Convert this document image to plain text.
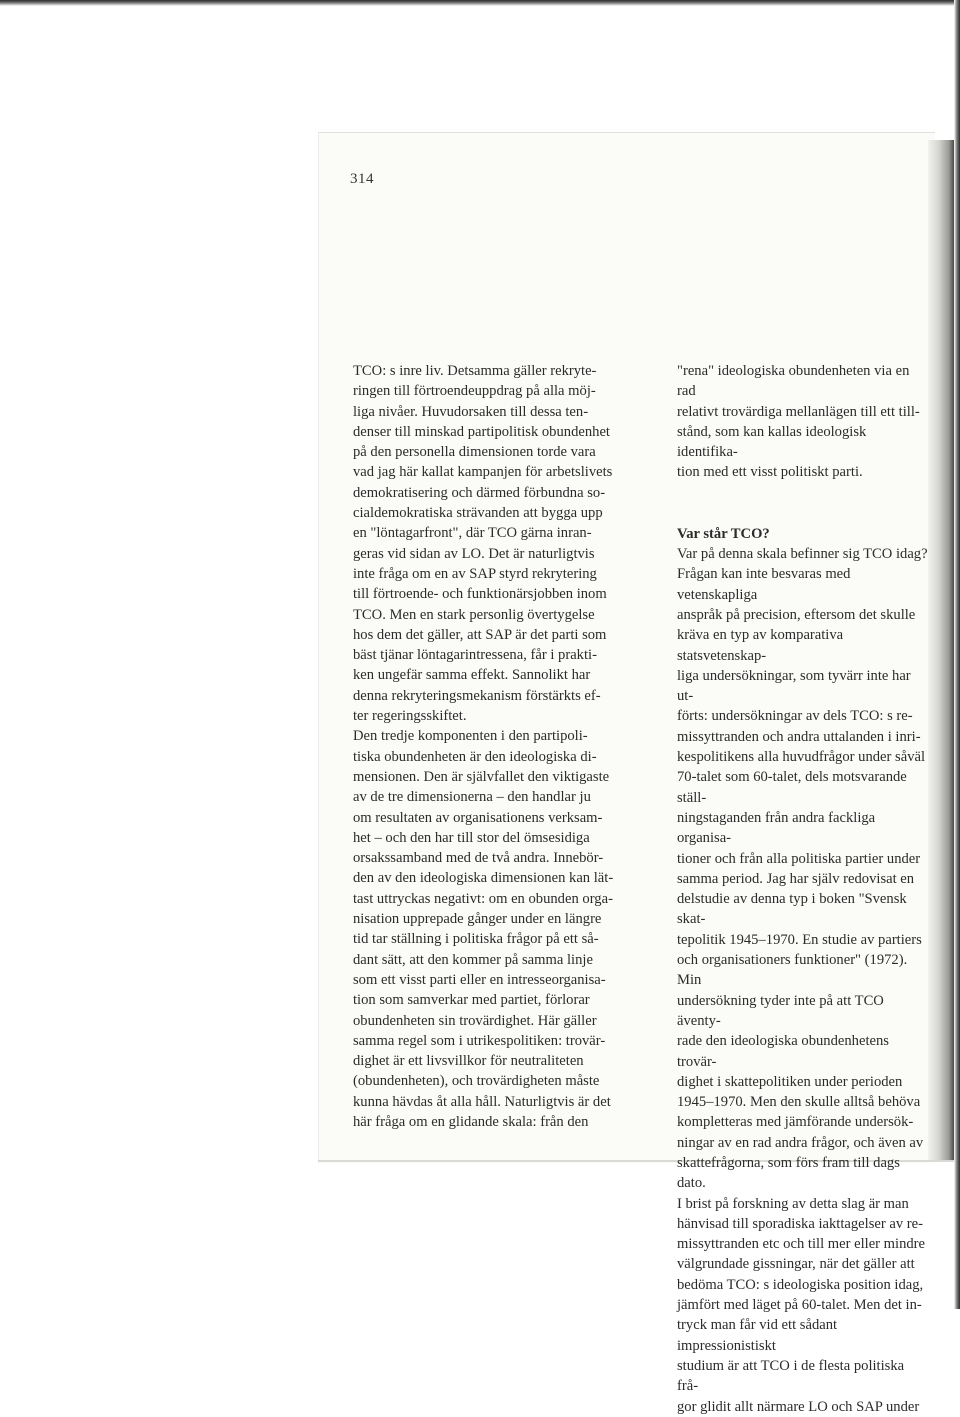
314

TCO: s inre liv. Detsamma gäller rekryte-
ringen till förtroendeuppdrag på alla möj-
liga nivåer. Huvudorsaken till dessa ten-
denser till minskad partipolitisk obundenhet
på den personella dimensionen torde vara
vad jag här kallat kampanjen för arbetslivets
demokratisering och därmed förbundna so-
cialdemokratiska strävanden att bygga upp
en "löntagarfront", där TCO gärna inran-
geras vid sidan av LO. Det är naturligtvis
inte fråga om en av SAP styrd rekrytering
till förtroende- och funktionärsjobben inom
TCO. Men en stark personlig övertygelse
hos dem det gäller, att SAP är det parti som
bäst tjänar löntagarintressena, får i prakti-
ken ungefär samma effekt. Sannolikt har
denna rekryteringsmekanism förstärkts ef-
ter regeringsskiftet.

Den tredje komponenten i den partipoli-
tiska obundenheten är den ideologiska di-
mensionen. Den är självfallet den viktigaste
av de tre dimensionerna – den handlar ju
om resultaten av organisationens verksam-
het – och den har till stor del ömsesidiga
orsakssamband med de två andra. Innebör-
den av den ideologiska dimensionen kan lät-
tast uttryckas negativt: om en obunden orga-
nisation upprepade gånger under en längre
tid tar ställning i politiska frågor på ett så-
dant sätt, att den kommer på samma linje
som ett visst parti eller en intresseorganisa-
tion som samverkar med partiet, förlorar
obundenheten sin trovärdighet. Här gäller
samma regel som i utrikespolitiken: trovär-
dighet är ett livsvillkor för neutraliteten
(obundenheten), och trovärdigheten måste
kunna hävdas åt alla håll. Naturligtvis är det
här fråga om en glidande skala: från den

"rena" ideologiska obundenheten via en rad
relativt trovärdiga mellanlägen till ett till-
stånd, som kan kallas ideologisk identifika-
tion med ett visst politiskt parti.

Var står TCO?

Var på denna skala befinner sig TCO idag?
Frågan kan inte besvaras med vetenskapliga
anspråk på precision, eftersom det skulle
kräva en typ av komparativa statsvetenskap-
liga undersökningar, som tyvärr inte har ut-
förts: undersökningar av dels TCO: s re-
missyttranden och andra uttalanden i inri-
kespolitikens alla huvudfrågor under såväl
70-talet som 60-talet, dels motsvarande ställ-
ningstaganden från andra fackliga organisa-
tioner och från alla politiska partier under
samma period. Jag har själv redovisat en
delstudie av denna typ i boken "Svensk skat-
tepolitik 1945–1970. En studie av partiers
och organisationers funktioner" (1972). Min
undersökning tyder inte på att TCO äventy-
rade den ideologiska obundenhetens trovär-
dighet i skattepolitiken under perioden
1945–1970. Men den skulle alltså behöva
kompletteras med jämförande undersök-
ningar av en rad andra frågor, och även av
skattefrågorna, som förs fram till dags dato.

I brist på forskning av detta slag är man
hänvisad till sporadiska iakttagelser av re-
missyttranden etc och till mer eller mindre
välgrundade gissningar, när det gäller att
bedöma TCO: s ideologiska position idag,
jämfört med läget på 60-talet. Men det in-
tryck man får vid ett sådant impressionistiskt
studium är att TCO i de flesta politiska frå-
gor glidit allt närmare LO och SAP under
